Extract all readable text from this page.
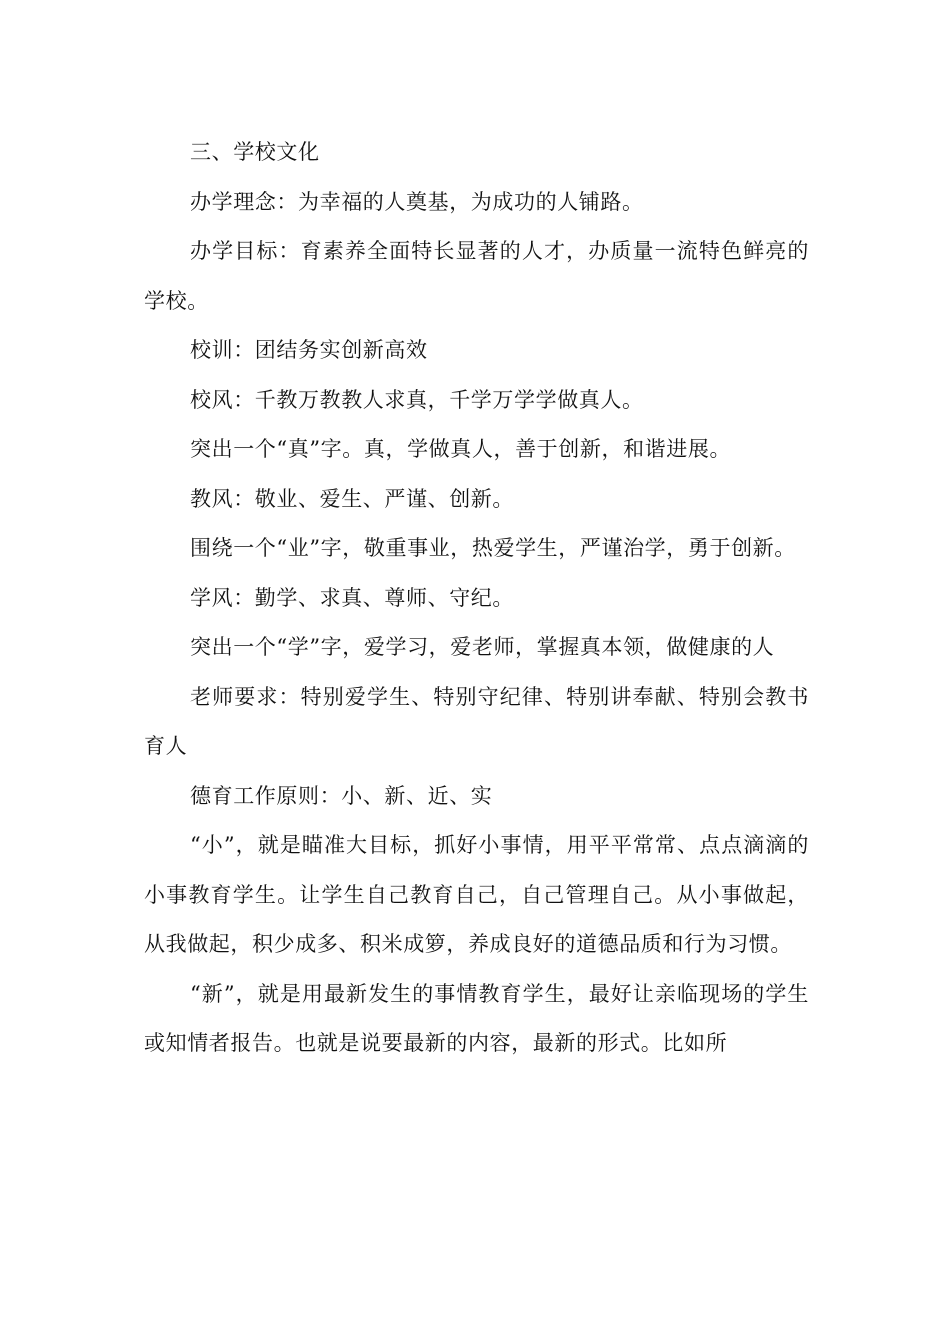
三、学校文化

办学理念：为幸福的人奠基，为成功的人铺路。

办学目标：育素养全面特长显著的人才，办质量一流特色鲜亮的学校。

校训：团结务实创新高效

校风：千教万教教人求真，千学万学学做真人。

突出一个“真”字。真，学做真人，善于创新，和谐进展。

教风：敬业、爱生、严谨、创新。

围绕一个“业”字，敬重事业，热爱学生，严谨治学，勇于创新。

学风：勤学、求真、尊师、守纪。

突出一个“学”字，爱学习，爱老师，掌握真本领，做健康的人

老师要求：特别爱学生、特别守纪律、特别讲奉献、特别会教书育人

德育工作原则：小、新、近、实

“小”，就是瞄准大目标，抓好小事情，用平平常常、点点滴滴的小事教育学生。让学生自己教育自己，自己管理自己。从小事做起，从我做起，积少成多、积米成箩，养成良好的道德品质和行为习惯。

“新”，就是用最新发生的事情教育学生，最好让亲临现场的学生或知情者报告。也就是说要最新的内容，最新的形式。比如所
